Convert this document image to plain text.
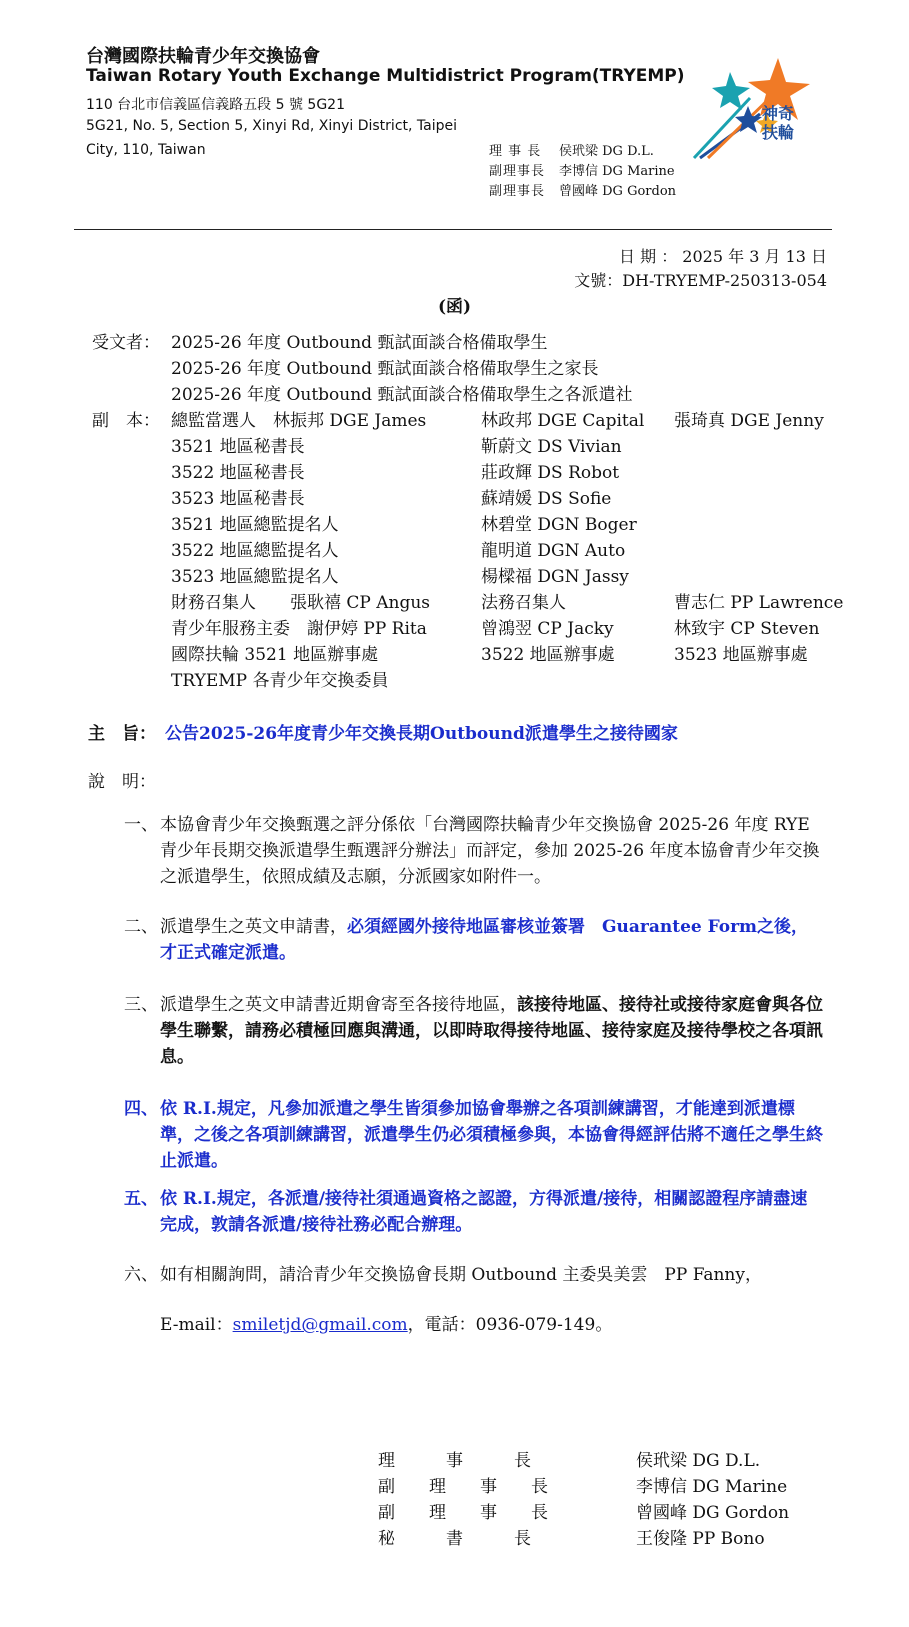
台灣國際扶輪青少年交換協會
Taiwan Rotary Youth Exchange Multidistrict Program(TRYEMP)
110 台北市信義區信義路五段 5 號 5G21
5G21, No. 5, Section 5, Xinyi Rd, Xinyi District, Taipei
City, 110, Taiwan
神奇
扶輪
理 事 長 侯玳梁 DG D.L.
副理事長 李博信 DG Marine
副理事長 曾國峰 DG Gordon
日 期 ： 2025 年 3 月 13 日
文號：DH-TRYEMP-250313-054
(函)
受文者： 2025-26 年度 Outbound 甄試面談合格備取學生
2025-26 年度 Outbound 甄試面談合格備取學生之家長
2025-26 年度 Outbound 甄試面談合格備取學生之各派遣社
副　本： 總監當選人　林振邦 DGE James	林政邦 DGE Capital 張琦真 DGE Jenny
3521 地區秘書長	靳蔚文 DS Vivian
3522 地區秘書長	莊政輝 DS Robot
3523 地區秘書長	蘇靖媛 DS Sofie
3521 地區總監提名人	林碧堂 DGN Boger
3522 地區總監提名人	龍明道 DGN Auto
3523 地區總監提名人	楊樑福 DGN Jassy
財務召集人　　張耿禧 CP Angus	法務召集人	曹志仁 PP Lawrence
青少年服務主委　謝伊婷 PP Rita	曾鴻翌 CP Jacky	林致宇 CP Steven
國際扶輪 3521 地區辦事處	3522 地區辦事處	3523 地區辦事處
TRYEMP 各青少年交換委員
主　旨： 公告2025-26年度青少年交換長期Outbound派遣學生之接待國家
說　明：
一、 本協會青少年交換甄選之評分係依「台灣國際扶輪青少年交換協會 2025-26 年度 RYE 青少年長期交換派遣學生甄選評分辦法」而評定，參加 2025-26 年度本協會青少年交換之派遣學生，依照成績及志願，分派國家如附件一。
二、 派遣學生之英文申請書，必須經國外接待地區審核並簽署　Guarantee Form之後，才正式確定派遣。
三、 派遣學生之英文申請書近期會寄至各接待地區，該接待地區、接待社或接待家庭會與各位學生聯繫，請務必積極回應與溝通，以即時取得接待地區、接待家庭及接待學校之各項訊息。
四、 依 R.I.規定，凡參加派遣之學生皆須參加協會舉辦之各項訓練講習，才能達到派遣標準，之後之各項訓練講習，派遣學生仍必須積極參與，本協會得經評估將不適任之學生終止派遣。
五、 依 R.I.規定，各派遣/接待社須通過資格之認證，方得派遣/接待，相關認證程序請盡速完成，敦請各派遣/接待社務必配合辦理。
六、 如有相關詢問，請洽青少年交換協會長期 Outbound 主委吳美雲　PP Fanny，
E-mail：smiletjd@gmail.com，電話：0936-079-149。
理　　　事　　　長	侯玳梁 DG D.L.
副　　理　　事　　長	李博信 DG Marine
副　　理　　事　　長	曾國峰 DG Gordon
秘　　　書　　　長	王俊隆 PP Bono
